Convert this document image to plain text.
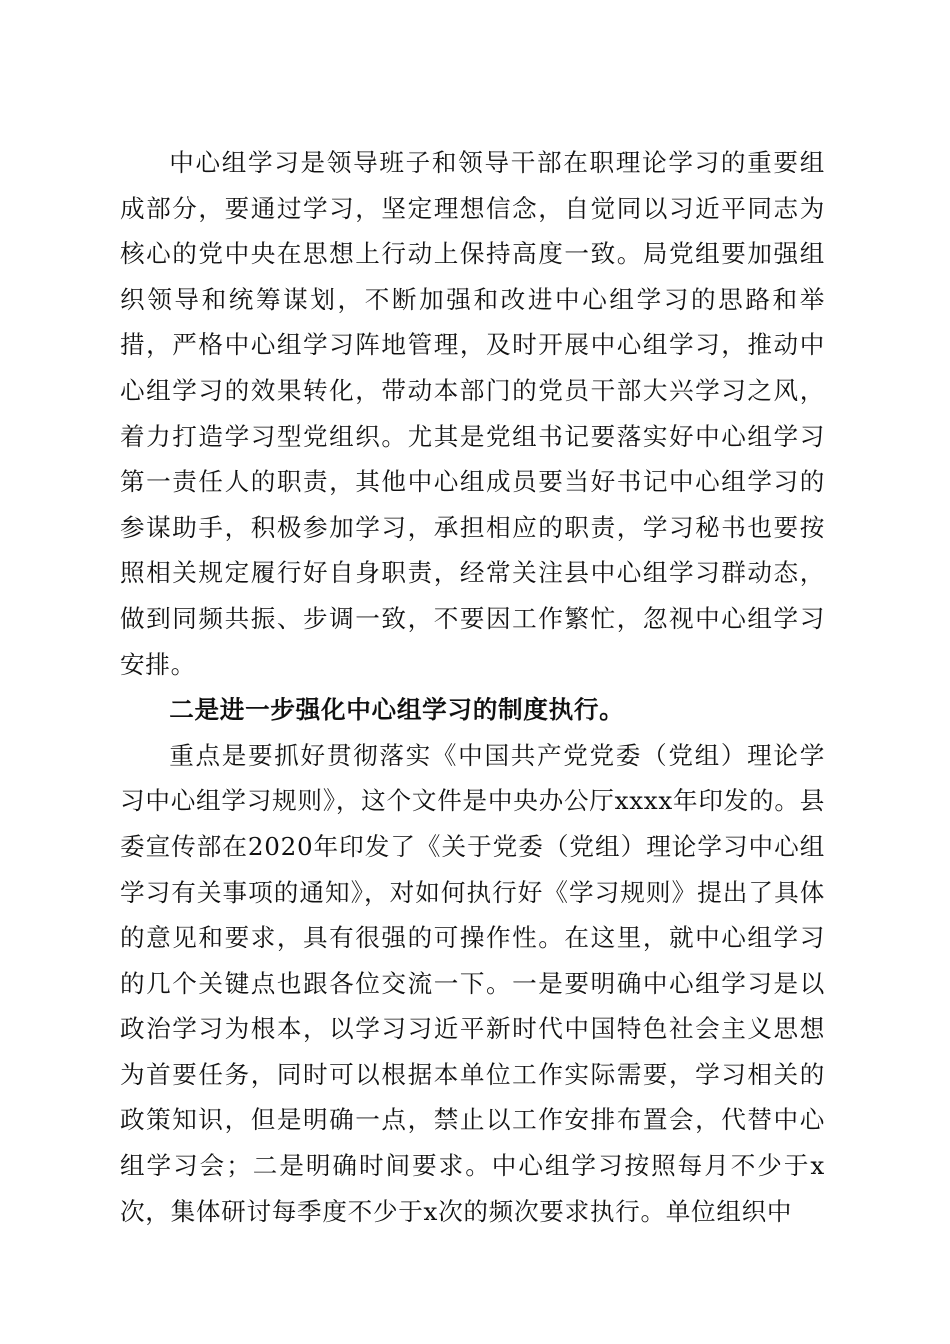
中心组学习是领导班子和领导干部在职理论学习的重要组成部分，要通过学习，坚定理想信念，自觉同以习近平同志为核心的党中央在思想上行动上保持高度一致。局党组要加强组织领导和统筹谋划，不断加强和改进中心组学习的思路和举措，严格中心组学习阵地管理，及时开展中心组学习，推动中心组学习的效果转化，带动本部门的党员干部大兴学习之风，着力打造学习型党组织。尤其是党组书记要落实好中心组学习第一责任人的职责，其他中心组成员要当好书记中心组学习的参谋助手，积极参加学习，承担相应的职责，学习秘书也要按照相关规定履行好自身职责，经常关注县中心组学习群动态，做到同频共振、步调一致，不要因工作繁忙，忽视中心组学习安排。

二是进一步强化中心组学习的制度执行。

重点是要抓好贯彻落实《中国共产党党委（党组）理论学习中心组学习规则》，这个文件是中央办公厅xxxx年印发的。县委宣传部在2020年印发了《关于党委（党组）理论学习中心组学习有关事项的通知》，对如何执行好《学习规则》提出了具体的意见和要求，具有很强的可操作性。在这里，就中心组学习的几个关键点也跟各位交流一下。一是要明确中心组学习是以政治学习为根本，以学习习近平新时代中国特色社会主义思想为首要任务，同时可以根据本单位工作实际需要，学习相关的政策知识，但是明确一点，禁止以工作安排布置会，代替中心组学习会；二是明确时间要求。中心组学习按照每月不少于x次，集体研讨每季度不少于x次的频次要求执行。单位组织中
